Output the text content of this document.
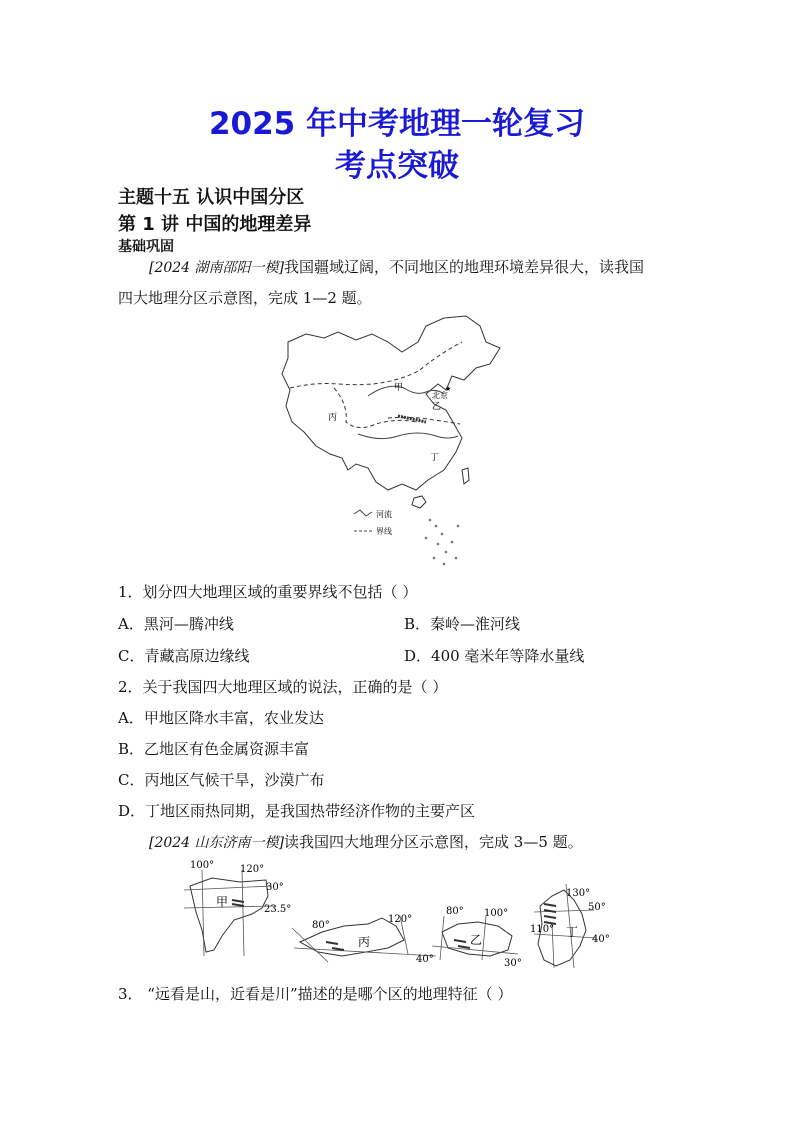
2025 年中考地理一轮复习
考点突破
主题十五 认识中国分区
第 1 讲 中国的地理差异
基础巩固
[2024 湖南邵阳一模]我国疆域辽阔，不同地区的地理环境差异很大，读我国
四大地理分区示意图，完成 1—2 题。
甲
丙
乙
丁
★
北京
河流
界线
1．划分四大地理区域的重要界线不包括（ ）
A．黑河—腾冲线	B．秦岭—淮河线
C．青藏高原边缘线	D．400 毫米年等降水量线
2．关于我国四大地理区域的说法，正确的是（ ）
A．甲地区降水丰富，农业发达
B．乙地区有色金属资源丰富
C．丙地区气候干旱，沙漠广布
D．丁地区雨热同期，是我国热带经济作物的主要产区
[2024 山东济南一模]读我国四大地理分区示意图，完成 3—5 题。
100°	120°
30°
23.5°
甲
80°
120°
40°
丙
80° 100°
30°
乙
130°
110°
50°
40°
丁
3． “远看是山，近看是川”描述的是哪个区的地理特征（ ）
